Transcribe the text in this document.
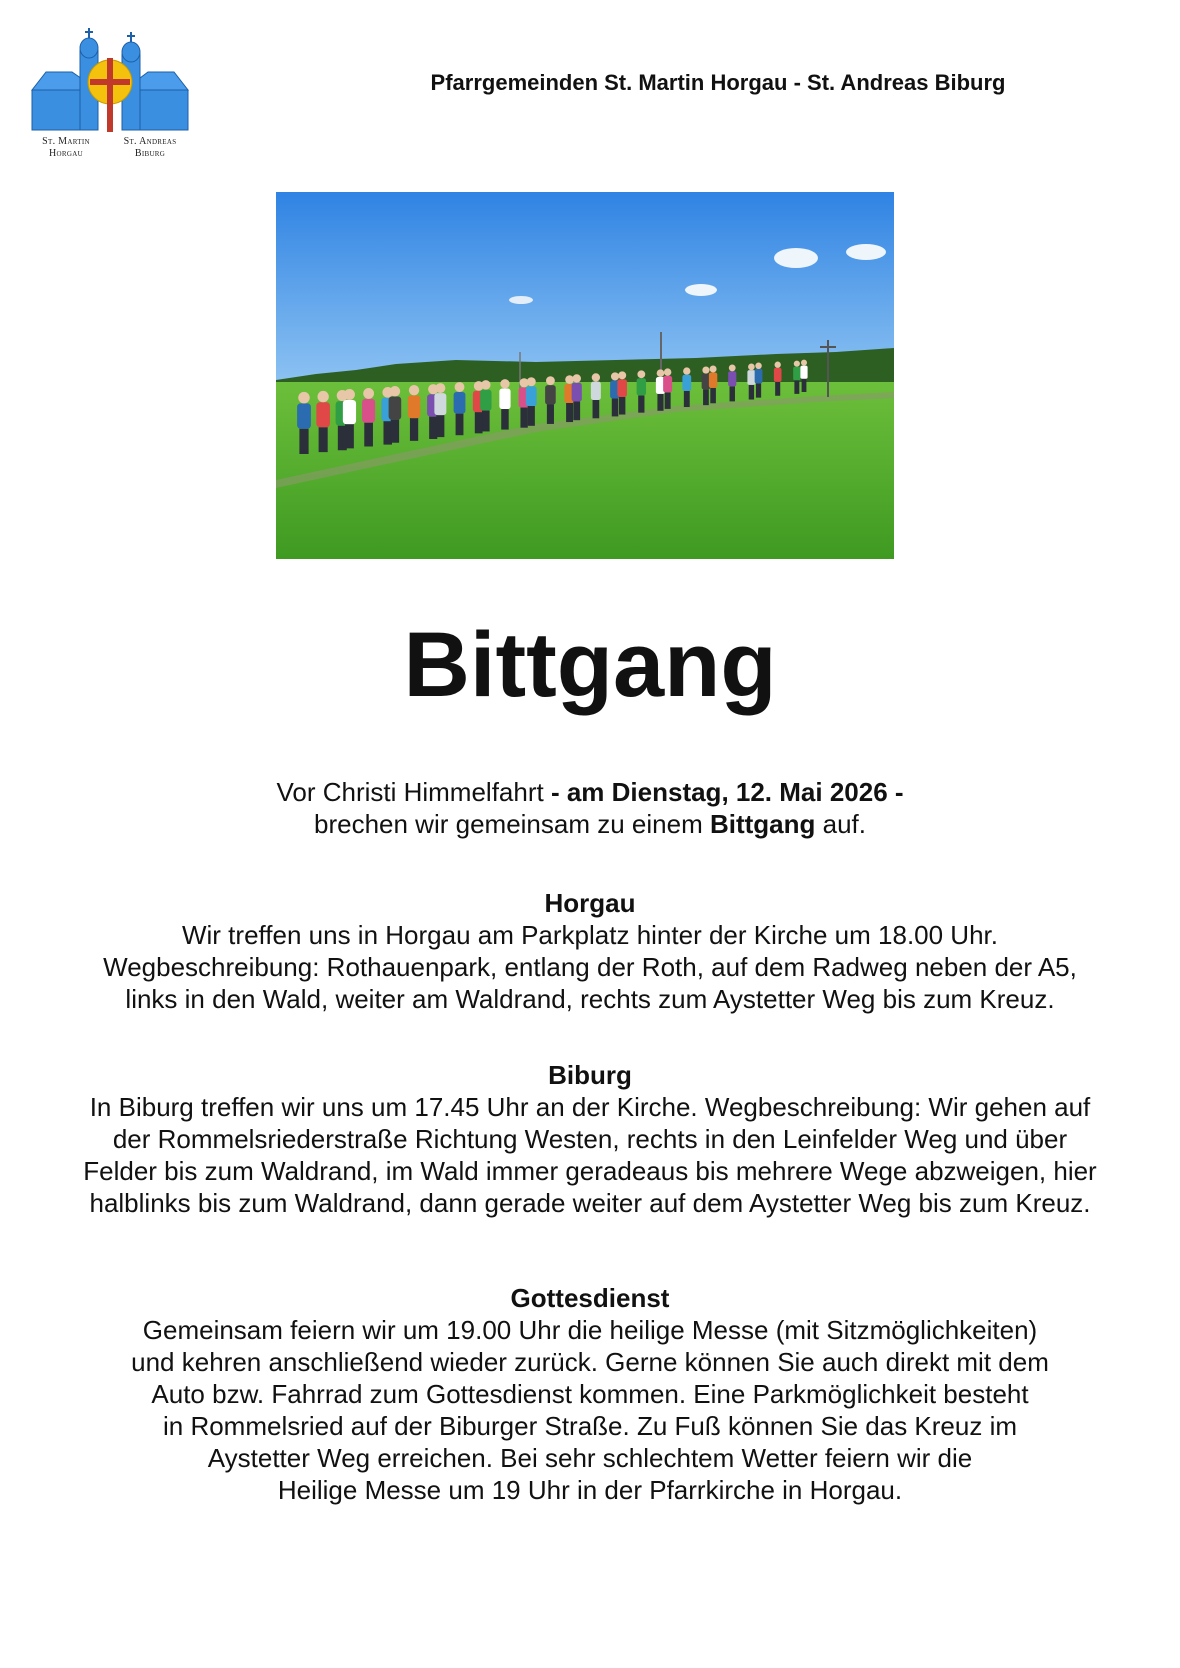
St. Martin
Horgau
St. Andreas
Biburg
Pfarrgemeinden St. Martin Horgau - St. Andreas Biburg
Bittgang
Vor Christi Himmelfahrt - am Dienstag, 12. Mai 2026 -
brechen wir gemeinsam zu einem Bittgang auf.
Horgau

Wir treffen uns in Horgau am Parkplatz hinter der Kirche um 18.00 Uhr.

Wegbeschreibung: Rothauenpark, entlang der Roth, auf dem Radweg neben der A5,

links in den Wald, weiter am Waldrand, rechts zum Aystetter Weg bis zum Kreuz.

Biburg

In Biburg treffen wir uns um 17.45 Uhr an der Kirche. Wegbeschreibung: Wir gehen auf

der Rommelsriederstraße Richtung Westen, rechts in den Leinfelder Weg und über

Felder bis zum Waldrand, im Wald immer geradeaus bis mehrere Wege abzweigen, hier

halblinks bis zum Waldrand, dann gerade weiter auf dem Aystetter Weg bis zum Kreuz.

Gottesdienst

Gemeinsam feiern wir um 19.00 Uhr die heilige Messe (mit Sitzmöglichkeiten)

und kehren anschließend wieder zurück. Gerne können Sie auch direkt mit dem

Auto bzw. Fahrrad zum Gottesdienst kommen. Eine Parkmöglichkeit besteht

in Rommelsried auf der Biburger Straße. Zu Fuß können Sie das Kreuz im

Aystetter Weg erreichen. Bei sehr schlechtem Wetter feiern wir die

Heilige Messe um 19 Uhr in der Pfarrkirche in Horgau.
